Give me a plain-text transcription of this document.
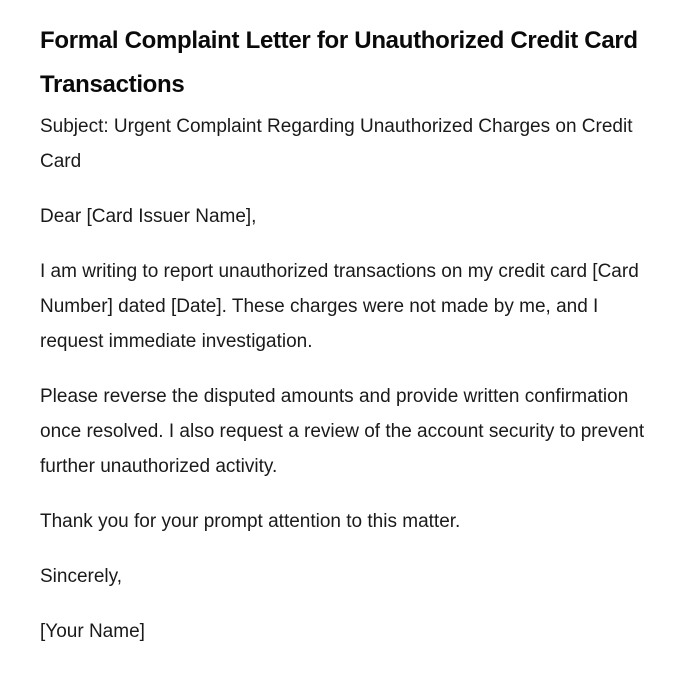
Formal Complaint Letter for Unauthorized Credit Card Transactions

Subject: Urgent Complaint Regarding Unauthorized Charges on Credit Card

Dear [Card Issuer Name],

I am writing to report unauthorized transactions on my credit card [Card Number] dated [Date]. These charges were not made by me, and I request immediate investigation.

Please reverse the disputed amounts and provide written confirmation once resolved. I also request a review of the account security to prevent further unauthorized activity.

Thank you for your prompt attention to this matter.

Sincerely,

[Your Name]
